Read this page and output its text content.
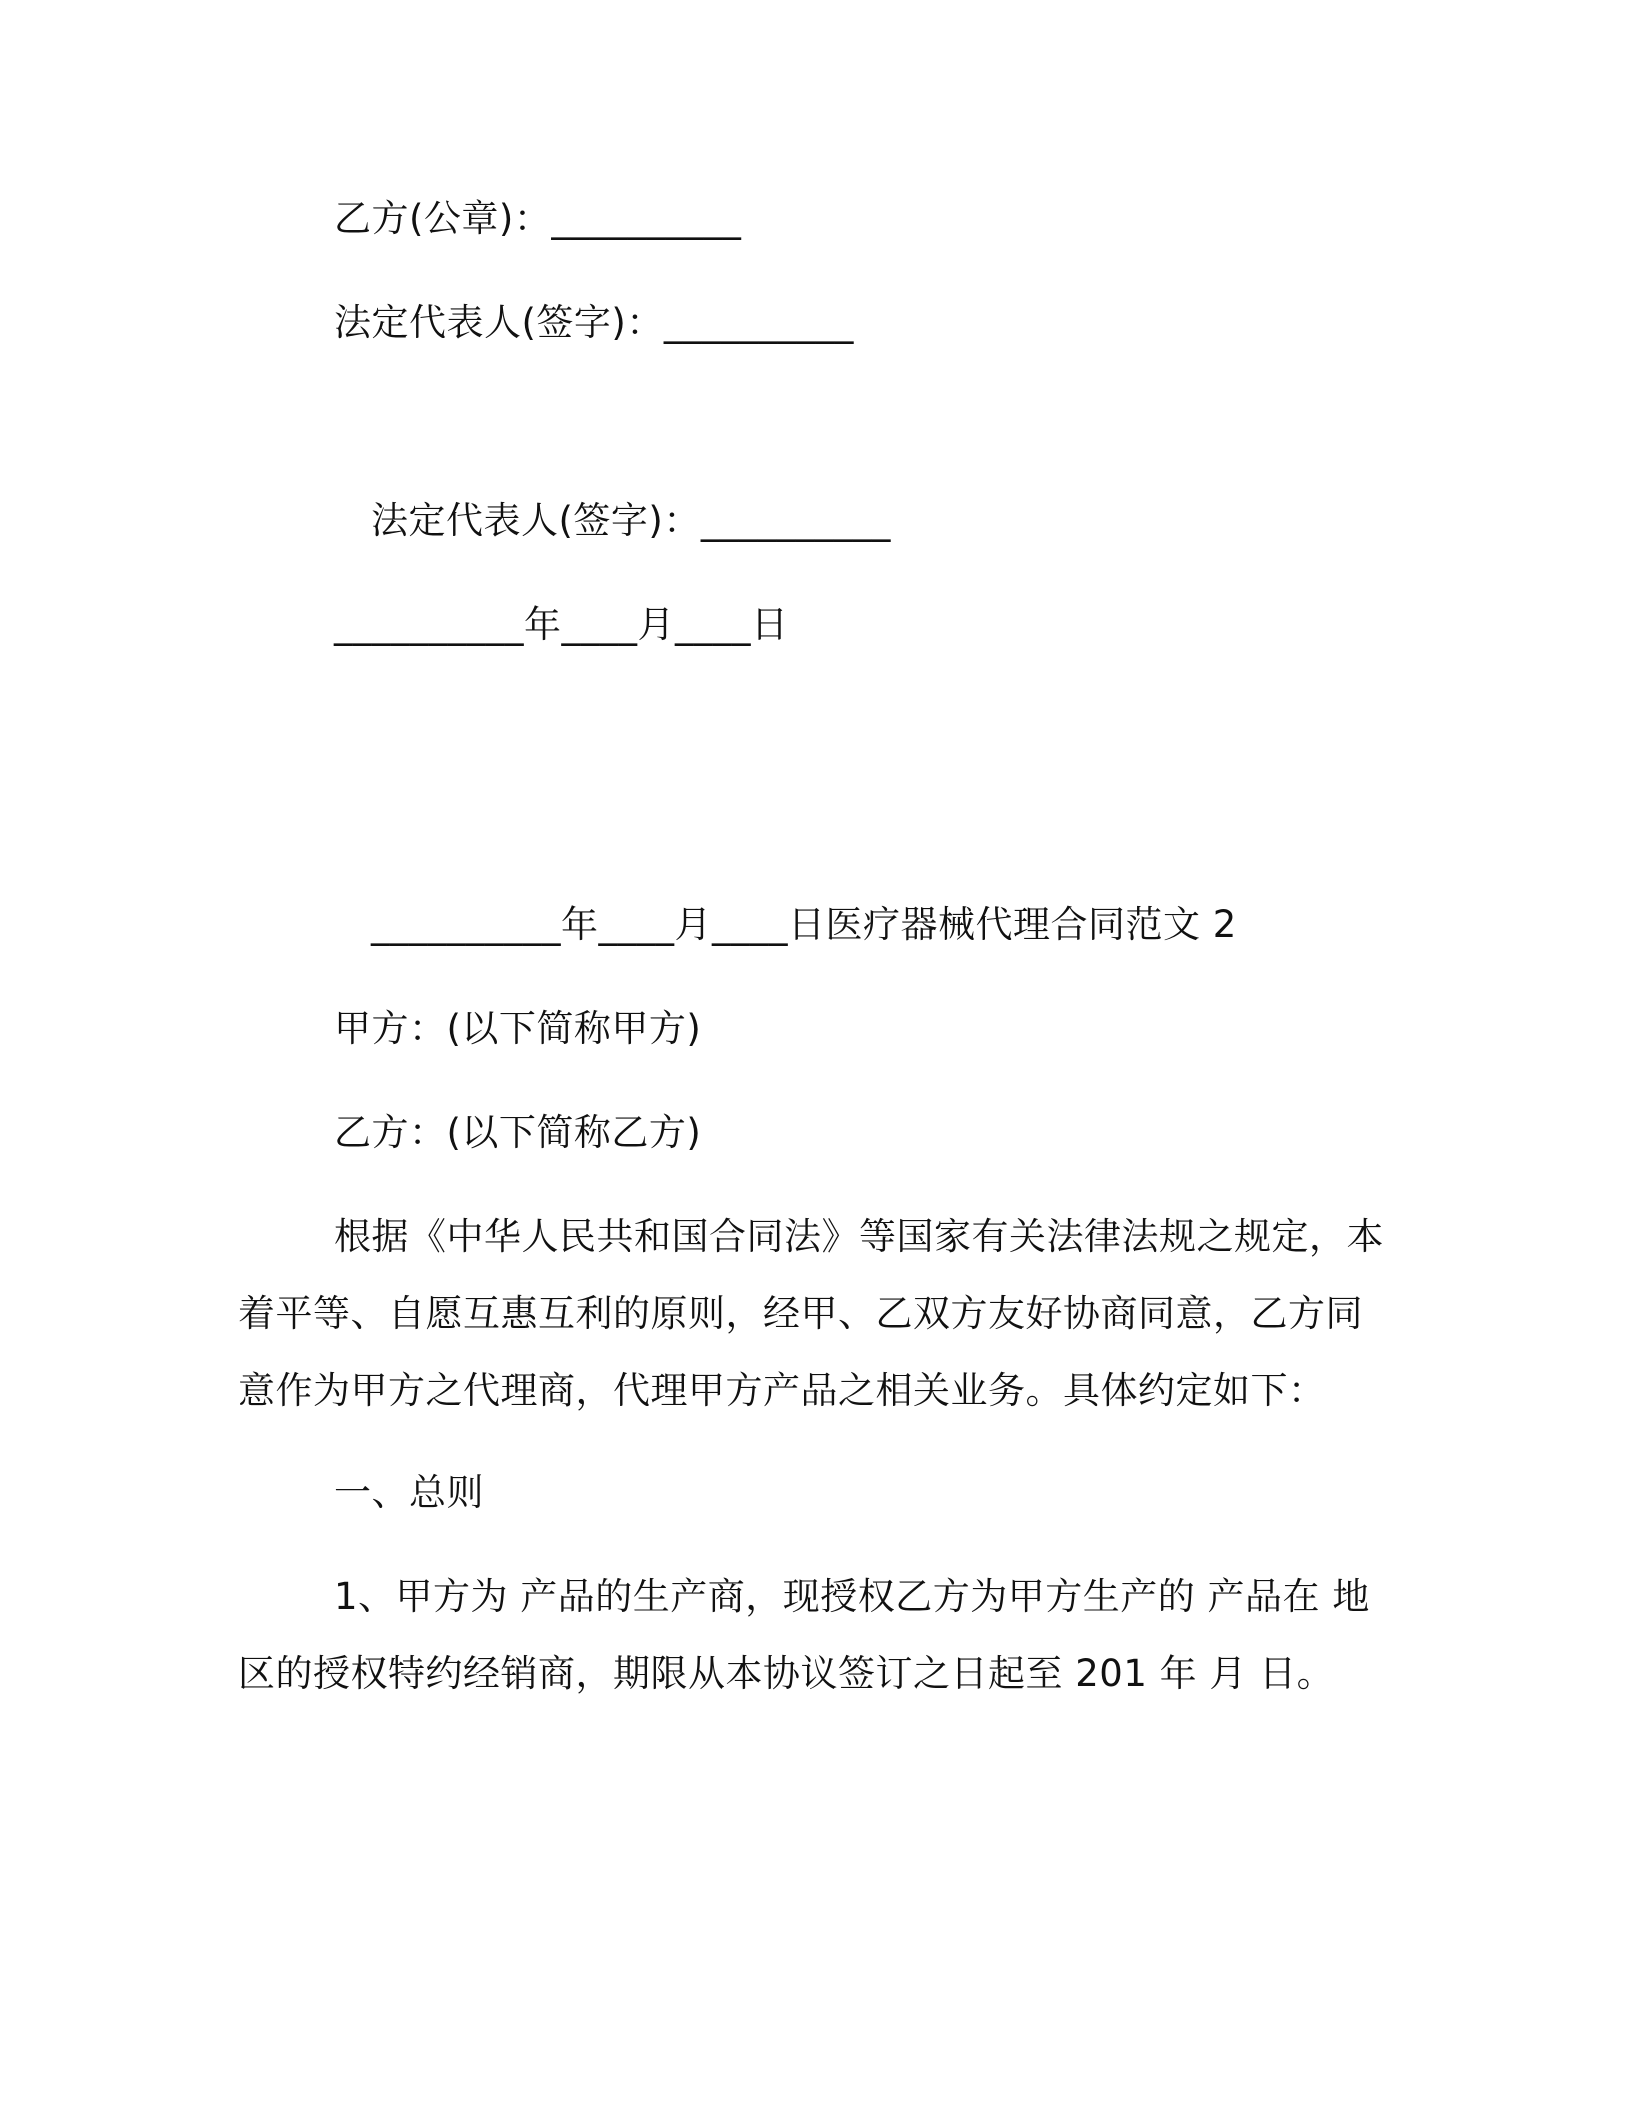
乙方(公章)：__________
法定代表人(签字)：__________
法定代表人(签字)：__________
__________年____月____日
__________年____月____日医疗器械代理合同范文 2
甲方：(以下简称甲方)
乙方：(以下简称乙方)
根据《中华人民共和国合同法》等国家有关法律法规之规定，本着平等、自愿互惠互利的原则，经甲、乙双方友好协商同意，乙方同意作为甲方之代理商，代理甲方产品之相关业务。具体约定如下：
一、总则
1、甲方为 产品的生产商，现授权乙方为甲方生产的 产品在 地区的授权特约经销商，期限从本协议签订之日起至 201 年 月 日。
